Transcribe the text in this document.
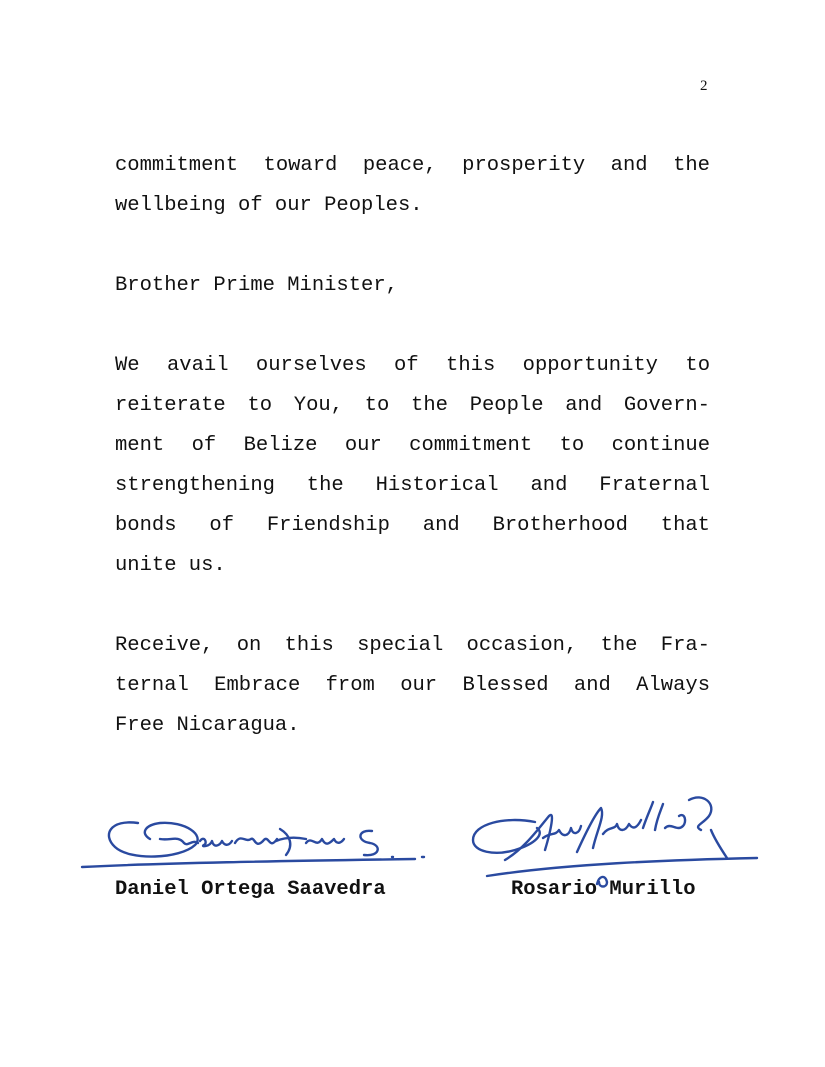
2
commitment toward peace, prosperity and the
wellbeing of our Peoples.
Brother Prime Minister,
We avail ourselves of this opportunity to
reiterate to You, to the People and Govern-
ment of Belize our commitment to continue
strengthening the Historical and Fraternal
bonds of Friendship and Brotherhood that
unite us.
Receive, on this special occasion, the Fra-
ternal Embrace from our Blessed and Always
Free Nicaragua.
Daniel Ortega Saavedra	Rosario Murillo
